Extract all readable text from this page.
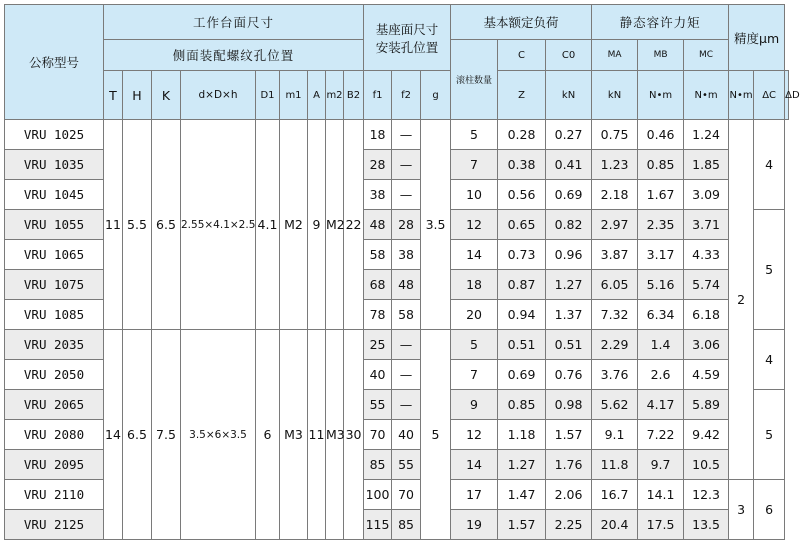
公称型号	工作台面尺寸									基座面尺寸
安装孔位置			基本额定负荷			静态容许力矩			精度μm		
	侧面装配螺纹孔位置												滚柱数量	C	C0	MA	MB	MC			
	T	H	K	d×D×h	D1	m1	A	m2	B2	f1	f2	g		Z	kN	kN	N•m	N•m	N•m	ΔC	ΔD
VRU 1025	11	5.5	6.5	2.55×4.1×2.5	4.1	M2	9	M2	22	18	—	3.5	5	0.28	0.27	0.75	0.46	1.24	2	4	
VRU 1035										28	—		7	0.38	0.41	1.23	0.85	1.85			
VRU 1045										38	—		10	0.56	0.69	2.18	1.67	3.09			
VRU 1055										48	28		12	0.65	0.82	2.97	2.35	3.71		5	
VRU 1065										58	38		14	0.73	0.96	3.87	3.17	4.33			
VRU 1075										68	48		18	0.87	1.27	6.05	5.16	5.74			
VRU 1085										78	58		20	0.94	1.37	7.32	6.34	6.18			
VRU 2035	14	6.5	7.5	3.5×6×3.5	6	M3	11	M3	30	25	—	5	5	0.51	0.51	2.29	1.4	3.06		4	
VRU 2050										40	—		7	0.69	0.76	3.76	2.6	4.59			
VRU 2065										55	—		9	0.85	0.98	5.62	4.17	5.89		5	
VRU 2080										70	40		12	1.18	1.57	9.1	7.22	9.42			
VRU 2095										85	55		14	1.27	1.76	11.8	9.7	10.5			
VRU 2110										100	70		17	1.47	2.06	16.7	14.1	12.3	3	6	
VRU 2125										115	85		19	1.57	2.25	20.4	17.5	13.5			
